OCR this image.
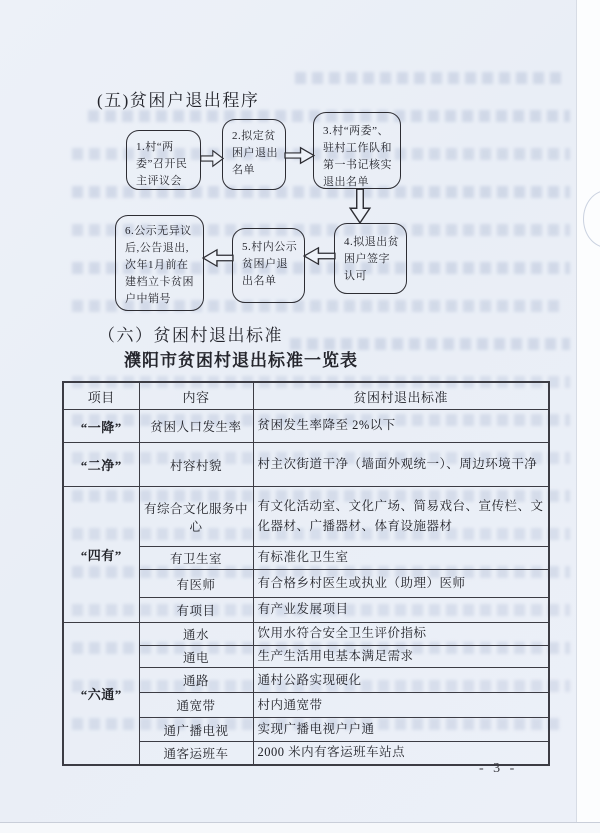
(五)贫困户退出程序
1.村“两委”召开民主评议会
2.拟定贫困户退出名单
3.村“两委”、驻村工作队和第一书记核实退出名单
4.拟退出贫困户签字认可
5.村内公示贫困户退出名单
6.公示无异议后,公告退出,次年1月前在建档立卡贫困户中销号
（六）贫困村退出标准
濮阳市贫困村退出标准一览表
项目	内容	贫困村退出标准
“一降”	贫困人口发生率	贫困发生率降至 2%以下
“二净”	村容村貌	村主次街道干净（墙面外观统一）、周边环境干净
“四有”	有综合文化服务中心	有文化活动室、文化广场、简易戏台、宣传栏、文化器材、广播器材、体育设施器材
	有卫生室	有标准化卫生室
	有医师	有合格乡村医生或执业（助理）医师
	有项目	有产业发展项目
“六通”	通水	饮用水符合安全卫生评价指标
	通电	生产生活用电基本满足需求
	通路	通村公路实现硬化
	通宽带	村内通宽带
	通广播电视	实现广播电视户户通
	通客运班车	2000 米内有客运班车站点
- 3 -
